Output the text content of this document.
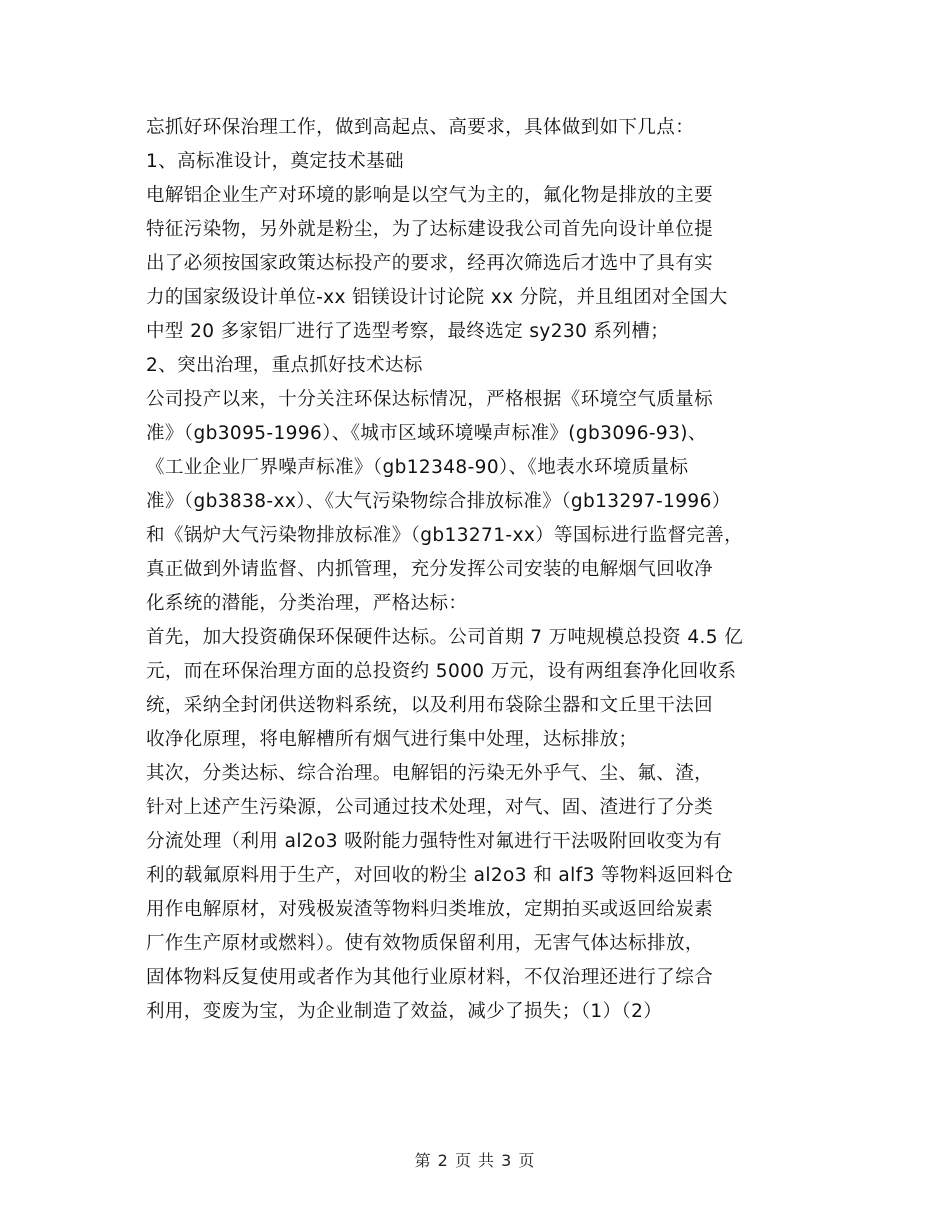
忘抓好环保治理工作，做到高起点、高要求，具体做到如下几点：
1、高标准设计，奠定技术基础
电解铝企业生产对环境的影响是以空气为主的，氟化物是排放的主要
特征污染物，另外就是粉尘，为了达标建设我公司首先向设计单位提
出了必须按国家政策达标投产的要求，经再次筛选后才选中了具有实
力的国家级设计单位-xx 铝镁设计讨论院 xx 分院，并且组团对全国大
中型 20 多家铝厂进行了选型考察，最终选定 sy230 系列槽；
2、突出治理，重点抓好技术达标
公司投产以来，十分关注环保达标情况，严格根据《环境空气质量标
准》（gb3095-1996）、《城市区域环境噪声标准》(gb3096-93)、
《工业企业厂界噪声标准》（gb12348-90）、《地表水环境质量标
准》（gb3838-xx）、《大气污染物综合排放标准》（gb13297-1996）
和《锅炉大气污染物排放标准》（gb13271-xx）等国标进行监督完善，
真正做到外请监督、内抓管理，充分发挥公司安装的电解烟气回收净
化系统的潜能，分类治理，严格达标：
首先，加大投资确保环保硬件达标。公司首期 7 万吨规模总投资 4.5 亿
元，而在环保治理方面的总投资约 5000 万元，设有两组套净化回收系
统，采纳全封闭供送物料系统，以及利用布袋除尘器和文丘里干法回
收净化原理，将电解槽所有烟气进行集中处理，达标排放；
其次，分类达标、综合治理。电解铝的污染无外乎气、尘、氟、渣，
针对上述产生污染源，公司通过技术处理，对气、固、渣进行了分类
分流处理（利用 al2o3 吸附能力强特性对氟进行干法吸附回收变为有
利的载氟原料用于生产，对回收的粉尘 al2o3 和 alf3 等物料返回料仓
用作电解原材，对残极炭渣等物料归类堆放，定期拍买或返回给炭素
厂作生产原材或燃料）。使有效物质保留利用，无害气体达标排放，
固体物料反复使用或者作为其他行业原材料，不仅治理还进行了综合
利用，变废为宝，为企业制造了效益，减少了损失；（1）（2）
第 2 页 共 3 页
